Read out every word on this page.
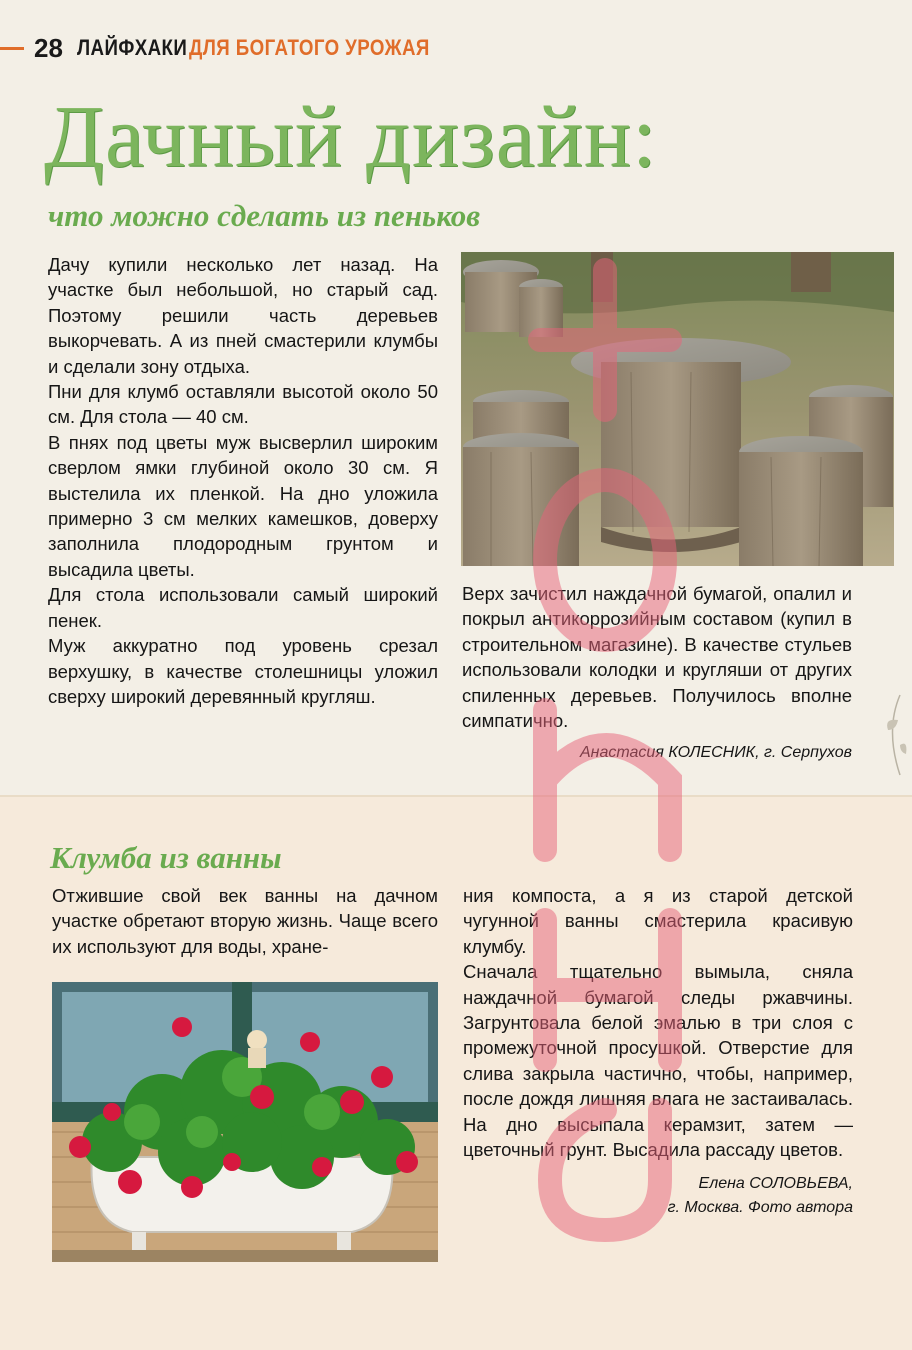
28 ЛАЙФХАКИ ДЛЯ БОГАТОГО УРОЖАЯ
Дачный дизайн:
что можно сделать из пеньков

Дачу купили несколько лет назад. На участке был небольшой, но старый сад. Поэтому решили часть деревьев выкорчевать. А из пней смастерили клумбы и сделали зону отдыха.

Пни для клумб оставляли высотой около 50 см. Для стола — 40 см.

В пнях под цветы муж высверлил широким сверлом ямки глубиной около 30 см. Я выстелила их пленкой. На дно уложила примерно 3 см мелких камешков, доверху заполнила плодородным грунтом и высадила цветы.

Для стола использовали самый широкий пенек.

Муж аккуратно под уровень срезал верхушку, в качестве столешницы уложил сверху широкий деревянный кругляш.

Верх зачистил наждачной бумагой, опалил и покрыл антикоррозийным составом (купил в строительном магазине). В качестве стульев использовали колодки и кругляши от других спиленных деревьев. Получилось вполне симпатично.

Анастасия КОЛЕСНИК, г. Серпухов

Клумба из ванны

Отжившие свой век ванны на дачном участке обретают вторую жизнь. Чаще всего их используют для воды, хране-

ния компоста, а я из старой детской чугунной ванны смастерила красивую клумбу.

Сначала тщательно вымыла, сняла наждачной бумагой следы ржавчины. Загрунтовала белой эмалью в три слоя с промежуточной просушкой. Отверстие для слива закрыла частично, чтобы, например, после дождя лишняя влага не застаивалась. На дно высыпала керамзит, затем — цветочный грунт. Высадила рассаду цветов.

Елена СОЛОВЬЕВА,

г. Москва. Фото автора
